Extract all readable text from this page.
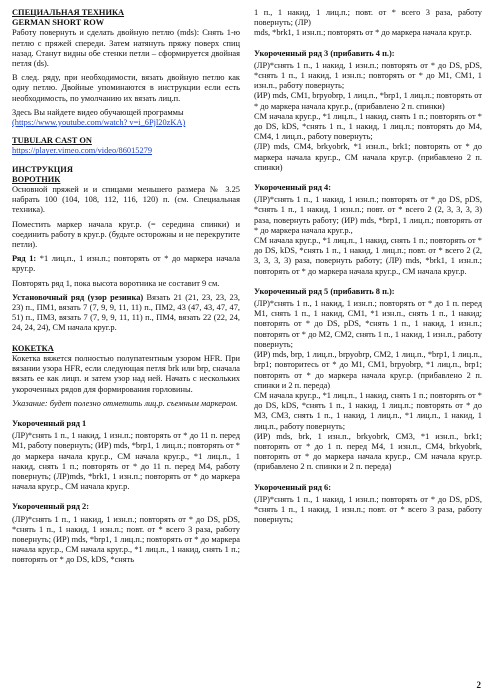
СПЕЦИАЛЬНАЯ ТЕХНИКА
GERMAN SHORT ROW

Работу повернуть и сделать двойную петлю (mds): Снять 1-ю петлю с пряжей спереди. Затем натянуть пряжу поверх спиц назад. Станут видны обе стенки петли – сформируется двойная петля (ds).

В след. ряду, при необходимости, вязать двойную петлю как одну петлю. Двойные упоминаются в инструкции если есть необходимость, по умолчанию их вязать лиц.п.

Здесь Вы найдете видео обучающей программы
(https://www.youtube.com/watch? v=i_6Pjl20zKA)

TUBULAR CAST ON

https://player.vimeo.com/video/86015279

ИНСТРУКЦИЯ
ВОРОТНИК

Основной пряжей и и спицами меньшего размера № 3.25 набрать 100 (104, 108, 112, 116, 120) п. (см. Специальная техника).

Поместить маркер начала круг.р. (= середина спинки) и соединить работу в круг.р. (будьте осторожны и не перекрутите петли).

Ряд 1: *1 лиц.п., 1 изн.п.; повторять от * до маркера начала круг.р.

Повторять ряд 1, пока высота воротника не составит 9 см.

Установочный ряд (узор резинка) Вязать 21 (21, 23, 23, 23, 23) п., ПМ1, вязать 7 (7, 9, 9, 11, 11) п., ПМ2, 43 (47, 43, 47, 47, 51) п., ПМ3, вязать 7 (7, 9, 9, 11, 11) п., ПМ4, вязать 22 (22, 24, 24, 24, 24), СМ начала круг.р.

КОКЕТКА

Кокетка вяжется полностью полупатентным узором HFR. При вязании узора HFR, если следующая петля brk или brp, сначала вязать ее как лицп. и затем узор над ней. Начать с нескольких укороченных рядов для формирования горловины.

Указание: будет полезно отметить лиц.р. съемным маркером.

Укороченный ряд 1

(ЛР)*снять 1 п., 1 накид, 1 изн.п.; повторять от * до 11 п. перед М1, работу повернуть; (ИР) mds, *brp1, 1 лиц.п.; повторять от * до маркера начала круг.р., СМ начала круг.р., *1 лиц.п., 1 накид, снять 1 п.; повторять от * до 11 п. перед М4, работу повернуть; (ЛР)mds, *brk1, 1 изн.п.; повторять от * до маркера начала круг.р., СМ начала круг.р.

Укороченный ряд 2:

(ЛР)*снять 1 п., 1 накид, 1 изн.п.; повторять от * до DS, pDS, *снять 1 п., 1 накид, 1 изн.п.; повт. от * всего 3 раза, работу повернуть; (ИР) mds, *brp1, 1 лиц.п.; повторять от * до маркера начала круг.р., СМ начала круг.р., *1 лиц.п., 1 накид, снять 1 п.; повторять от * до DS, kDS, *снять

1 п., 1 накид, 1 лиц.п.; повт. от * всего 3 раза, работу повернуть; (ЛР)

mds, *brk1, 1 изн.п.; повторять от * до маркера начала круг.р.

Укороченный ряд 3 (прибавить 4 п.):

(ЛР)*снять 1 п., 1 накид, 1 изн.п.; повторять от * до DS, pDS, *снять 1 п., 1 накид, 1 изн.п.; повторять от * до М1, СМ1, 1 изн.п., работу повернуть;

(ИР) mds, СМ1, brpyobrp, 1 лиц.п., *brp1, 1 лиц.п.; повторять от * до маркера начала круг.р., (прибавлено 2 п. спинки)

СМ начала круг.р., *1 лиц.п., 1 накид, снять 1 п.; повторять от * до DS, kDS, *снять 1 п., 1 накид, 1 лиц.п.; повторять до М4, СМ4, 1 лиц.п., работу повернуть;

(ЛР) mds, СМ4, brkyobrk, *1 изн.п., brk1; повторять от * до маркера начала круг.р., СМ начала круг.р. (прибавлено 2 п. спинки)

Укороченный ряд 4:

(ЛР)*снять 1 п., 1 накид, 1 изн.п.; повторять от * до DS, pDS, *снять 1 п., 1 накид, 1 изн.п.; повт. от * всего 2 (2, 3, 3, 3, 3) раза, повернуть работу; (ИР) mds, *brp1, 1 лиц.п.; повторять от * до маркера начала круг.р.,

СМ начала круг.р., *1 лиц.п., 1 накид, снять 1 п.; повторять от * до DS, kDS, *снять 1 п., 1 накид, 1 лиц.п.; повт. от * всего 2 (2, 3, 3, 3, 3) раза, повернуть работу; (ЛР) mds, *brk1, 1 изн.п.; повторять от * до маркера начала круг.р., СМ начала круг.р.

Укороченный ряд 5 (прибавить 8 п.):

(ЛР)*снять 1 п., 1 накид, 1 изн.п.; повторять от * до 1 п. перед М1, снять 1 п., 1 накид, СМ1, *1 изн.п., снять 1 п., 1 накид; повторять от * до DS, pDS, *снять 1 п., 1 накид, 1 изн.п.; повторять от * до М2, СМ2, снять 1 п., 1 накид, 1 изн.п., работу повернуть;

(ИР) mds, brp, 1 лиц.п., brpyobrp, СМ2, 1 лиц.п., *brp1, 1 лиц.п., brp1; повторитесь от * до М1, СМ1, brpyobrp, *1 лиц.п., brp1; повторять от * до маркера начала круг.р. (прибавлено 2 п. спинки и 2 п. переда)

СМ начала круг.р., *1 лиц.п., 1 накид, снять 1 п.; повторять от * до DS, kDS, *снять 1 п., 1 накид, 1 лиц.п.; повторять от * до М3, СМ3, снять 1 п., 1 накид, 1 лиц.п., *1 лиц.п., 1 накид, 1 лиц.п., работу повернуть;

(ИР) mds, brk, 1 изн.п., brkyobrk, СМ3, *1 изн.п., brk1; повторять от * до 1 п. перед М4, 1 изн.п., СМ4, brkyobrk, повторять от * до маркера начала круг.р., СМ начала круг.р. (прибавлено 2 п. спинки и 2 п. переда)

Укороченный ряд 6:

(ЛР)*снять 1 п., 1 накид, 1 изн.п.; повторять от * до DS, pDS, *снять 1 п., 1 накид, 1 изн.п.; повт. от * всего 3 раза, работу повернуть;

2
